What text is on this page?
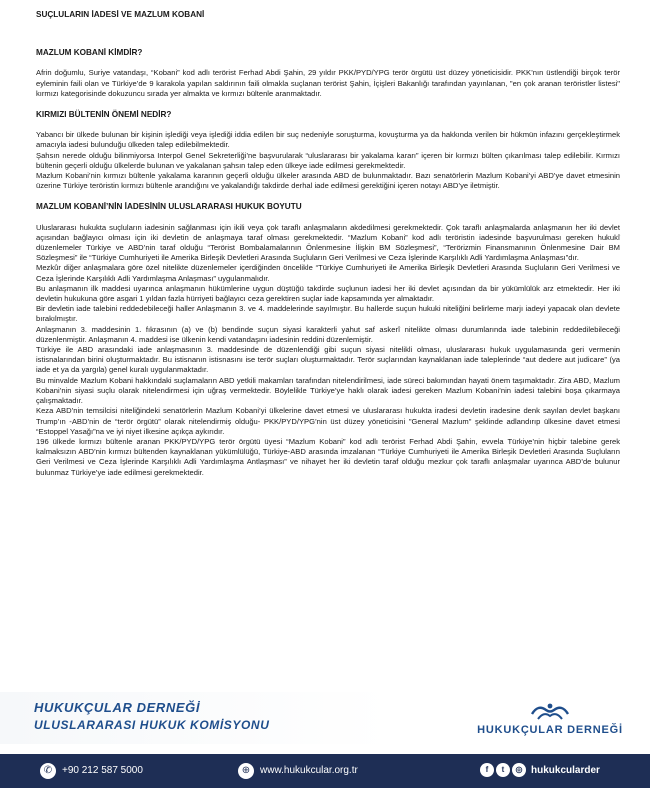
SUÇLULARIN İADESİ VE MAZLUM KOBANİ
MAZLUM KOBANİ KİMDİR?

Afrin doğumlu, Suriye vatandaşı, “Kobani” kod adlı terörist Ferhad Abdi Şahin, 29 yıldır PKK/PYD/YPG terör örgütü üst düzey yöneticisidir. PKK’nın üstlendiği birçok terör eyleminin faili olan ve Türkiye’de 9 karakola yapılan saldırının faili olmakla suçlanan terörist Şahin, İçişleri Bakanlığı tarafından yayınlanan, "en çok aranan teröristler listesi" kırmızı kategorisinde dokuzuncu sırada yer almakta ve kırmızı bültenle aranmaktadır.

KIRMIZI BÜLTENİN ÖNEMİ NEDİR?

Yabancı bir ülkede bulunan bir kişinin işlediği veya işlediği iddia edilen bir suç nedeniyle soruşturma, kovuşturma ya da hakkında verilen bir hükmün infazını gerçekleştirmek amacıyla iadesi bulunduğu ülkeden talep edilebilmektedir.

Şahsın nerede olduğu bilinmiyorsa Interpol Genel Sekreterliği’ne başvurularak “uluslararası bir yakalama kararı” içeren bir kırmızı bülten çıkarılması talep edilebilir. Kırmızı bültenin geçerli olduğu ülkelerde bulunan ve yakalanan şahsın talep eden ülkeye iade edilmesi gerekmektedir.

Mazlum Kobani’nin kırmızı bültenle yakalama kararının geçerli olduğu ülkeler arasında ABD de bulunmaktadır. Bazı senatörlerin Mazlum Kobani’yi ABD’ye davet etmesinin üzerine Türkiye teröristin kırmızı bültenle arandığını ve yakalandığı takdirde derhal iade edilmesi gerektiğini içeren notayı ABD’ye iletmiştir.

MAZLUM KOBANİ’NİN İADESİNİN ULUSLARARASI HUKUK BOYUTU

Uluslararası hukukta suçluların iadesinin sağlanması için ikili veya çok taraflı anlaşmaların akdedilmesi gerekmektedir. Çok taraflı anlaşmalarda anlaşmanın her iki devlet açısından bağlayıcı olması için iki devletin de anlaşmaya taraf olması gerekmektedir. “Mazlum Kobani” kod adlı teröristin iadesinde başvurulması gereken hukukî düzenlemeler Türkiye ve ABD’nin taraf olduğu “Terörist Bombalamalarının Önlenmesine İlişkin BM Sözleşmesi”, “Terörizmin Finansmanının Önlenmesine Dair BM Sözleşmesi” ile “Türkiye Cumhuriyeti ile Amerika Birleşik Devletleri Arasında Suçluların Geri Verilmesi ve Ceza İşlerinde Karşılıklı Adli Yardımlaşma Anlaşması”dır.

Mezkûr diğer anlaşmalara göre özel nitelikte düzenlemeler içerdiğinden öncelikle “Türkiye Cumhuriyeti ile Amerika Birleşik Devletleri Arasında Suçluların Geri Verilmesi ve Ceza İşlerinde Karşılıklı Adli Yardımlaşma Anlaşması” uygulanmalıdır.

Bu anlaşmanın ilk maddesi uyarınca anlaşmanın hükümlerine uygun düştüğü takdirde suçlunun iadesi her iki devlet açısından da bir yükümlülük arz etmektedir. Her iki devletin hukukuna göre asgari 1 yıldan fazla hürriyeti bağlayıcı ceza gerektiren suçlar iade kapsamında yer almaktadır.

Bir devletin iade talebini reddedebileceği haller Anlaşmanın 3. ve 4. maddelerinde sayılmıştır. Bu hallerde suçun hukuki niteliğini belirleme marjı iadeyi yapacak olan devlete bırakılmıştır.

Anlaşmanın 3. maddesinin 1. fıkrasının (a) ve (b) bendinde suçun siyasi karakterli yahut saf askerî nitelikte olması durumlarında iade talebinin reddedilebileceği düzenlenmiştir. Anlaşmanın 4. maddesi ise ülkenin kendi vatandaşını iadesinin reddini düzenlemiştir.

Türkiye ile ABD arasındaki iade anlaşmasının 3. maddesinde de düzenlendiği gibi suçun siyasi nitelikli olması, uluslararası hukuk uygulamasında geri vermenin istisnalarından birini oluşturmaktadır. Bu istisnanın istisnasını ise terör suçları oluşturmaktadır. Terör suçlarından kaynaklanan iade taleplerinde “aut dedere aut judicare” (ya iade et ya da yargıla) genel kuralı uygulanmaktadır.

Bu minvalde Mazlum Kobani hakkındaki suçlamaların ABD yetkili makamları tarafından nitelendirilmesi, iade süreci bakımından hayati önem taşımaktadır. Zira ABD, Mazlum Kobani’nin siyasi suçlu olarak nitelendirmesi için uğraş vermektedir. Böylelikle Türkiye’ye haklı olarak iadesi gereken Mazlum Kobani’nin iadesi talebini boşa çıkarmaya çalışmaktadır.

Keza ABD’nin temsilcisi niteliğindeki senatörlerin Mazlum Kobani’yi ülkelerine davet etmesi ve uluslararası hukukta iradesi devletin iradesine denk sayılan devlet başkanı Trump’ın -ABD’nin de “terör örgütü” olarak nitelendirmiş olduğu- PKK/PYD/YPG’nin üst düzey yöneticisini "General Mazlum" şeklinde adlandırıp ülkesine davet etmesi “Estoppel Yasağı”na ve iyi niyet ilkesine açıkça aykırıdır.

196 ülkede kırmızı bültenle aranan PKK/PYD/YPG terör örgütü üyesi “Mazlum Kobani” kod adlı terörist Ferhad Abdi Şahin, evvela Türkiye’nin hiçbir talebine gerek kalmaksızın ABD’nin kırmızı bültenden kaynaklanan yükümlülüğü, Türkiye-ABD arasında imzalanan “Türkiye Cumhuriyeti ile Amerika Birleşik Devletleri Arasında Suçluların Geri Verilmesi ve Ceza İşlerinde Karşılıklı Adli Yardımlaşma Antlaşması” ve nihayet her iki devletin taraf olduğu mezkur çok taraflı anlaşmalar uyarınca ABD’de bulunur bulunmaz Türkiye’ye iade edilmesi gerekmektedir.

HUKUKÇULAR DERNEĞİ
ULUSLARARASI HUKUK KOMİSYONU	HUKUKÇULAR DERNEĞİ
✆ +90 212 587 5000	⊕ www.hukukcular.org.tr	f	t	◎ hukukcularder
